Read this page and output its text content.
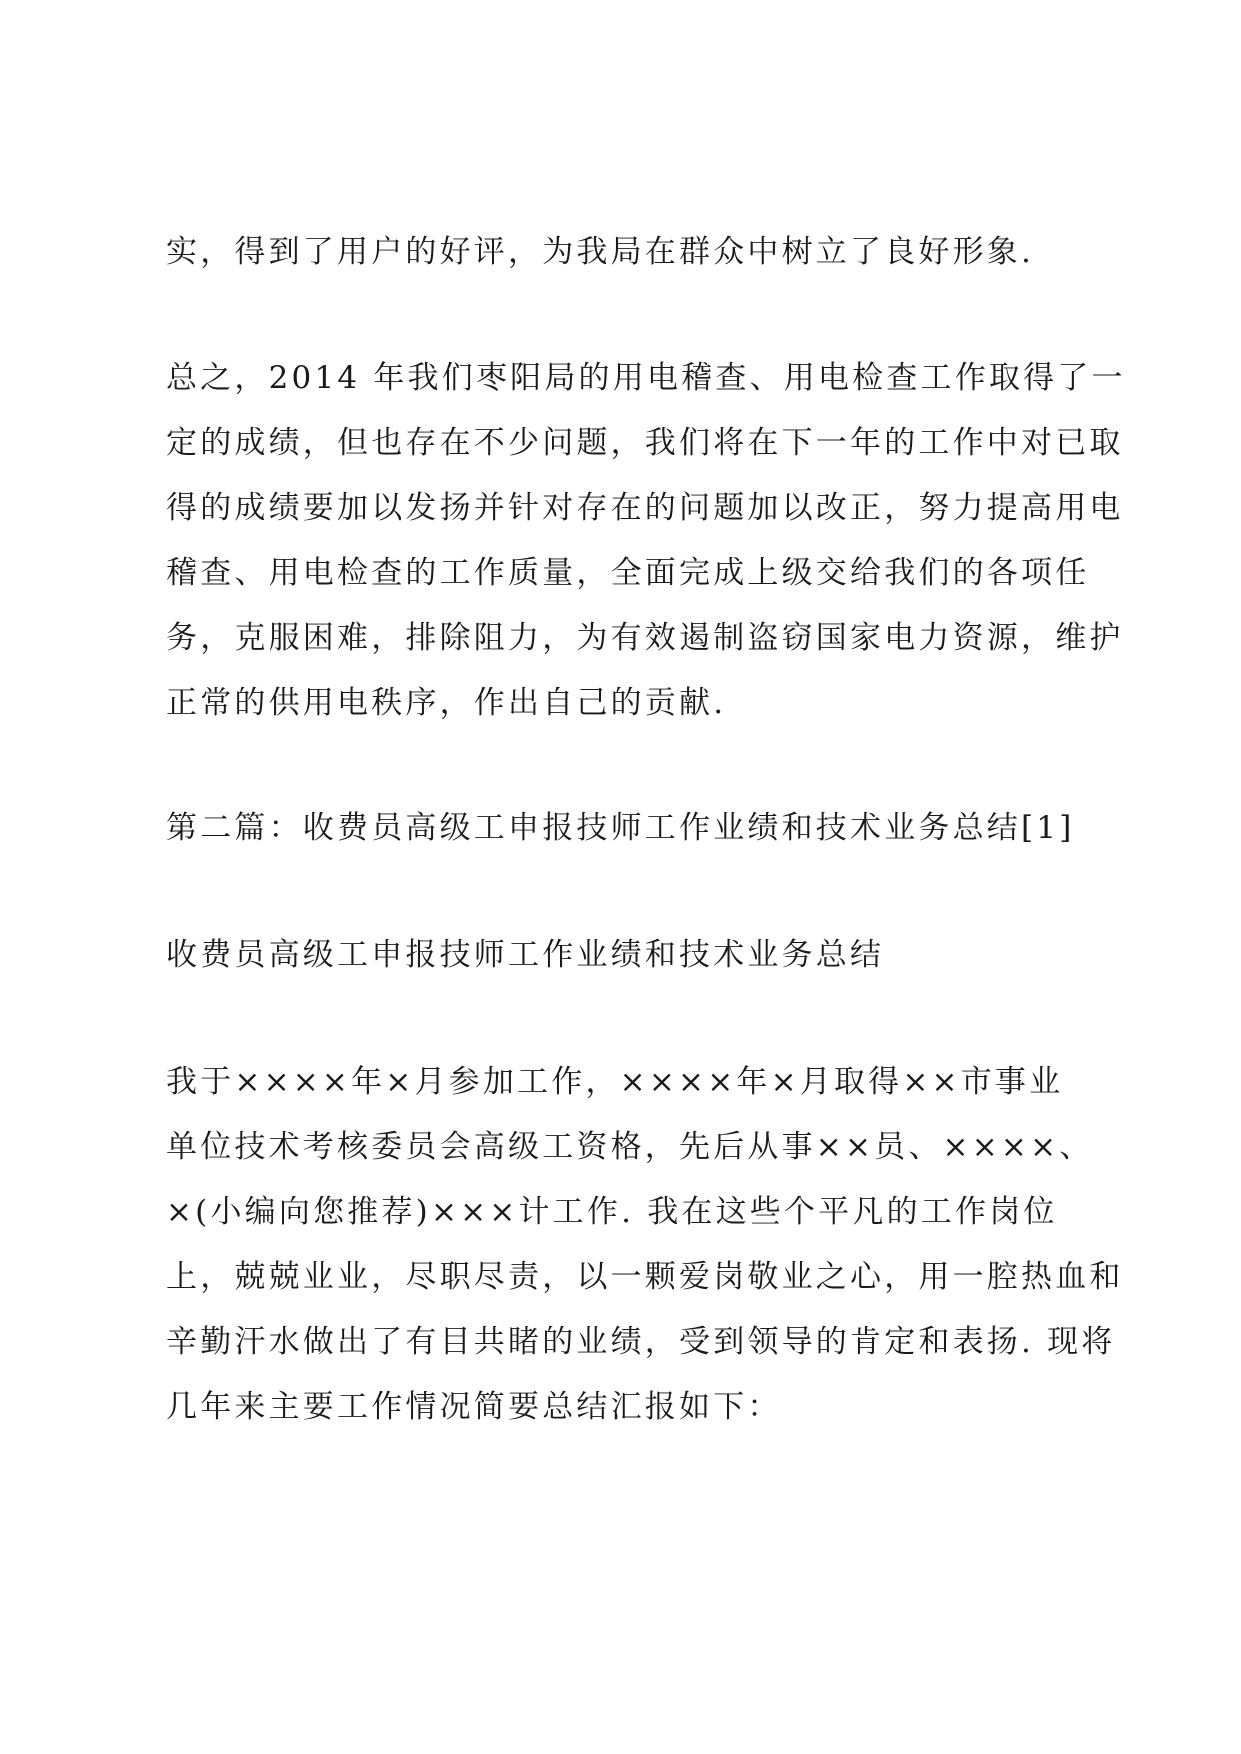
实，得到了用户的好评，为我局在群众中树立了良好形象.
总之，2014 年我们枣阳局的用电稽查、用电检查工作取得了一
定的成绩，但也存在不少问题，我们将在下一年的工作中对已取
得的成绩要加以发扬并针对存在的问题加以改正，努力提高用电
稽查、用电检查的工作质量，全面完成上级交给我们的各项任
务，克服困难，排除阻力，为有效遏制盗窃国家电力资源，维护
正常的供用电秩序，作出自己的贡献.
第二篇：收费员高级工申报技师工作业绩和技术业务总结[1]
收费员高级工申报技师工作业绩和技术业务总结
我于××××年×月参加工作，××××年×月取得××市事业
单位技术考核委员会高级工资格，先后从事××员、××××、
×(小编向您推荐)×××计工作. 我在这些个平凡的工作岗位
上，兢兢业业，尽职尽责，以一颗爱岗敬业之心，用一腔热血和
辛勤汗水做出了有目共睹的业绩，受到领导的肯定和表扬. 现将
几年来主要工作情况简要总结汇报如下：
